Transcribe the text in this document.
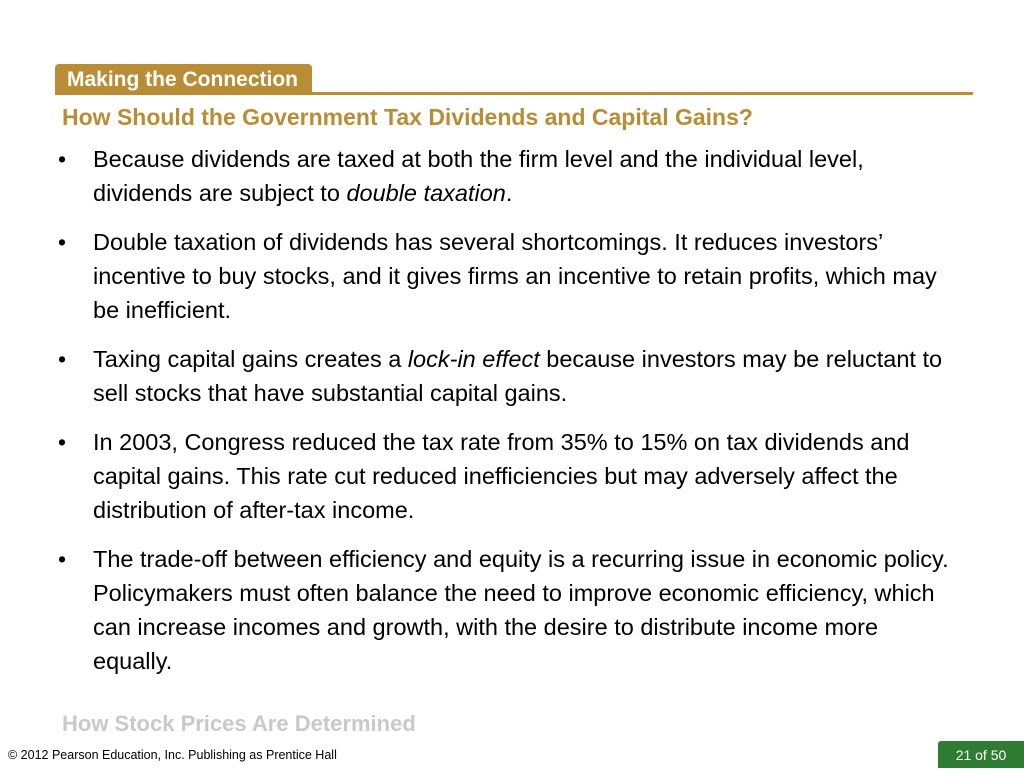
Making the Connection
How Should the Government Tax Dividends and Capital Gains?
• Because dividends are taxed at both the firm level and the individual level, dividends are subject to double taxation.
• Double taxation of dividends has several shortcomings. It reduces investors’ incentive to buy stocks, and it gives firms an incentive to retain profits, which may be inefficient.
• Taxing capital gains creates a lock-in effect because investors may be reluctant to sell stocks that have substantial capital gains.
• In 2003, Congress reduced the tax rate from 35% to 15% on tax dividends and capital gains. This rate cut reduced inefficiencies but may adversely affect the distribution of after-tax income.
• The trade-off between efficiency and equity is a recurring issue in economic policy. Policymakers must often balance the need to improve economic efficiency, which can increase incomes and growth, with the desire to distribute income more equally.
How Stock Prices Are Determined
© 2012 Pearson Education, Inc. Publishing as Prentice Hall	21 of 50
